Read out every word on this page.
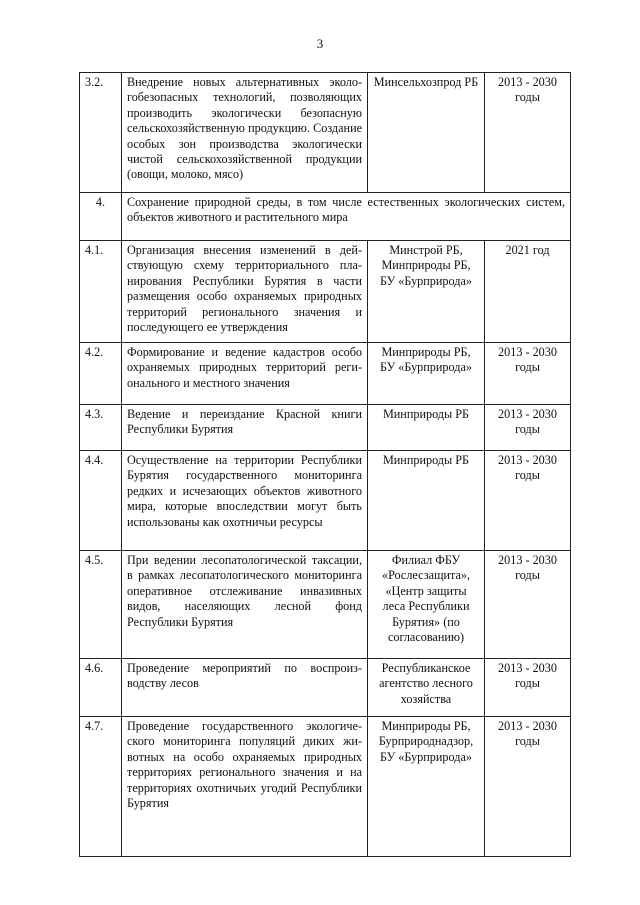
3
3.2.	Внедрение новых альтернативных экологобезопасных технологий, позволяющих производить экологически безопасную сельскохозяйственную продукцию. Создание особых зон производства экологически чистой сельскохозяйственной продукции (овощи, молоко, мясо)	Минсельхозпрод РБ	2013 - 2030 годы
4.	Сохранение природной среды, в том числе естественных экологических систем, объектов животного и растительного мира		
4.1.	Организация внесения изменений в действующую схему территориального планирования Республики Бурятия в части размещения особо охраняемых природных территорий регионального значения и последующего ее утверждения	Минстрой РБ, Минприроды РБ, БУ «Бурприрода»	2021 год
4.2.	Формирование и ведение кадастров особо охраняемых природных территорий регионального и местного значения	Минприроды РБ, БУ «Бурприрода»	2013 - 2030 годы
4.3.	Ведение и переиздание Красной книги Республики Бурятия	Минприроды РБ	2013 - 2030 годы
4.4.	Осуществление на территории Республики Бурятия государственного мониторинга редких и исчезающих объектов животного мира, которые впоследствии могут быть использованы как охотничьи ресурсы	Минприроды РБ	2013 - 2030 годы
4.5.	При ведении лесопатологической таксации, в рамках лесопатологического мониторинга оперативное отслеживание инвазивных видов, населяющих лесной фонд Республики Бурятия	Филиал ФБУ «Рослесзащита», «Центр защиты леса Республики Бурятия» (по согласованию)	2013 - 2030 годы
4.6.	Проведение мероприятий по воспроизводству лесов	Республиканское агентство лесного хозяйства	2013 - 2030 годы
4.7.	Проведение государственного экологического мониторинга популяций диких животных на особо охраняемых природных территориях регионального значения и на территориях охотничьих угодий Республики Бурятия	Минприроды РБ, Бурприроднадзор, БУ «Бурприрода»	2013 - 2030 годы
